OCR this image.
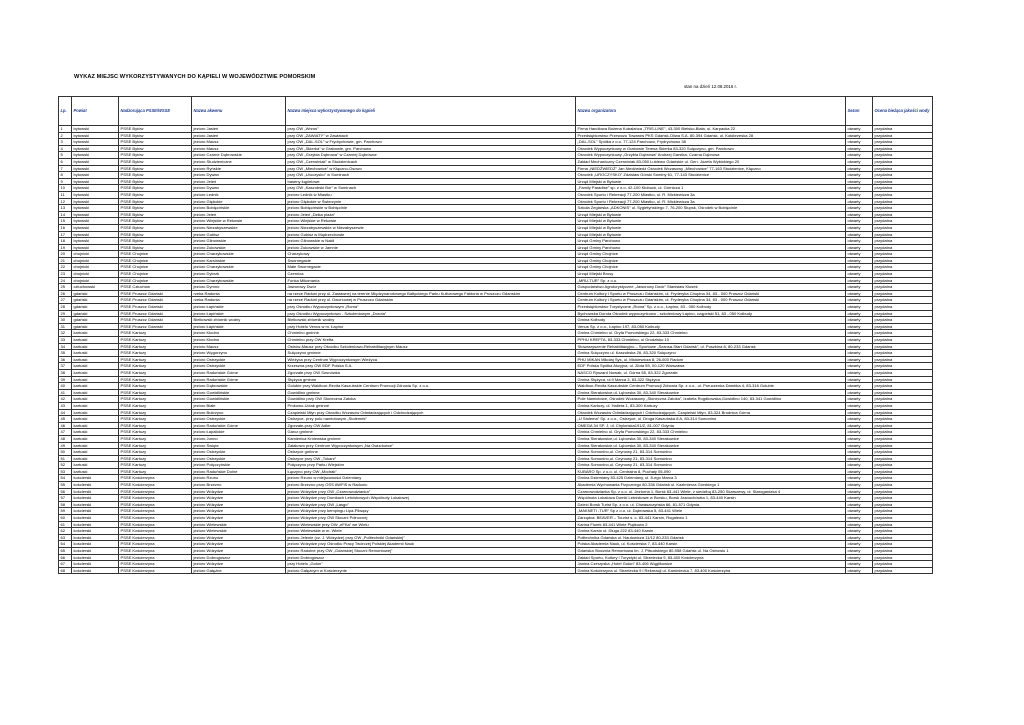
WYKAZ MIEJSC WYKORZYSTYWANYCH DO KĄPIELI W WOJEWÓDZTWIE POMORSKIM
stan na dzień 12.08.2016 r.
Lp.	Powiat	Nadzorująca PSSE/WSSE	Nazwa akwenu	Nazwa miejsca wykorzystywanego do kąpieli	Nazwa organizatora	Sezon	Ocena bieżąca jakości wody
1	bytowski	PSSE Bytów	jezioro Jasień	przy OW „Wrzos”	Firma Handlowa Bożena Kubalańca „TRIS-LINE”, 43-300 Bielsko-Biała, ul. Karpacka 22	otwarty	przydatna
2	bytowski	PSSE Bytów	jezioro Jasień	przy OW „ZAWIATY” w Zawiatach	Przedsiębiorstwo Przewozu Towarów PKS Gdańsk-Oliwa S.A. 80-394 Gdańsk, ul. Kołobrzeska 28	otwarty	przydatna
3	bytowski	PSSE Bytów	jezioro Mausz	przy OW „DAL-SOL” w Frydrychowie, gm. Parchowo	„DAL-SOL” Spółka z o.o. 77-124 Parchowo, Frydrychowo 38	otwarty	przydatna
4	bytowski	PSSE Bytów	jezioro Mausz	przy OW „Skierka” w Grabowie, gm. Parchowo	Ośrodek Wypoczynkowy w Grabowie Teresa Skierka 83-320 Sulęczyno, gm. Parchowo	otwarty	przydatna
5	bytowski	PSSE Bytów	jezioro Czarne Dąbrowskie	przy OW „Grzybia Dąbrowa” w Czarnej Dąbrówce	Ośrodek Wypoczynkowy „Grzybia Dąbrowa” Andrzej Garstka, Czarna Dąbrowa	otwarty	przydatna
6	bytowski	PSSE Bytów	jezioro Studzieniczne	przy OW „Czerwiniak” w Studzienicach	Zakład Mechaniczny Czerwiniak 83-050 Lublewo Gdańskie ul. Gen. Józefa Wybickiego 20	otwarty	przydatna
7	bytowski	PSSE Bytów	jezioro Ryńskie	przy OW „Miechowice” w Kłączno-Osowo	Firma „NIEDŹWIEDŹ” Jan Niedźwiedź Ośrodek Wczasowy „Miechowice” 77-163 Studzienice, Kłączno	otwarty	przydatna
8	bytowski	PSSE Bytów	jezioro Dywan	przy OW „Uroczysko” w Sominach	Ośrodek „UROCZYSKO” Zdzisław Górski Sominy 61, 77-143 Studzienice	otwarty	przydatna
9	bytowski	PSSE Bytów	jezioro Jeleń	baseny kąpielowe	Urząd Miejski w Bytowie	otwarty	przydatna
10	bytowski	PSSE Bytów	jezioro Dywan	przy OW „Kaszubski Bór” w Sominach	„Family Paradise” sp. z o.o. 42-100 Kłobuck, ul. Górnicza 1	otwarty	przydatna
11	bytowski	PSSE Bytów	jezioro Lednik	jezioro Lednik w Miastku	Ośrodek Sportu i Rekreacji 77-200 Miastko, ul. R. Mickiewicza 3a	otwarty	przydatna
12	bytowski	PSSE Bytów	jezioro Głębokie	jezioro Głębokie w Świerzynie	Ośrodek Sportu i Rekreacji 77-200 Miastko, ul. R. Mickiewicza 3a	otwarty	przydatna
13	bytowski	PSSE Bytów	jezioro Bobięcińskie	jezioro Bobięcińskie w Bobięcinie	Szkoła Żeglarska „ADKONIS” ul. Sygietyńskiego 7, 76-200 Słupsk, Ośrodek w Bobięcinie	otwarty	przydatna
14	bytowski	PSSE Bytów	jezioro Jeleń	jezioro Jeleń „Dzika plaża”	Urząd Miejski w Bytowie	otwarty	przydatna
15	bytowski	PSSE Bytów	jezioro Wiejskie w Rekowie	jezioro Wiejskie w Rekowie	Urząd Miejski w Bytowie	otwarty	przydatna
16	bytowski	PSSE Bytów	jezioro Niezabyszewskie	jezioro Niezabyszewskie w Niezabyszewie	Urząd Miejski w Bytowie	otwarty	przydatna
17	bytowski	PSSE Bytów	jezioro Gubisz	jezioro Gubisz w Mądrzechowie	Urząd Miejski w Bytowie	otwarty	przydatna
18	bytowski	PSSE Bytów	jezioro Glinowskie	jezioro Glinowskie w Nakli	Urząd Gminy Parchowo	otwarty	przydatna
19	bytowski	PSSE Bytów	jezioro Żukowskie	jezioro Żukowskie w Jamnie	Urząd Gminy Parchowo	otwarty	przydatna
20	chojnicki	PSSE Chojnice	jezioro Charzykowskie	Charzykowy	Urząd Gminy Chojnice	otwarty	przydatna
21	chojnicki	PSSE Chojnice	jezioro Karsińskie	Swornegacie	Urząd Gminy Chojnice	otwarty	przydatna
22	chojnicki	PSSE Chojnice	jezioro Charzykowskie	Małe Swornegacie	Urząd Gminy Chojnice	otwarty	przydatna
23	chojnicki	PSSE Chojnice	jezioro Dybrzk	Czernica	Urząd Miejski Brusy	otwarty	przydatna
24	chojnicki	PSSE Chojnice	jezioro Charzykowskie	Funka Mikomania	„MRU-TUR” Sp. z o.o.	otwarty	przydatna
25	człuchowski	PSSE Człuchów	jezioro Dymno	Jaworowy Dwór	Gospodarstwo Agroturystyczne „Jaworowy Dwór” Stanisław Klusek	otwarty	przydatna
26	gdański	PSSE Pruszcz Gdański	rzeka Radunia	na rzece Raduni przy ul. Zastawnej na terenie Międzynarodowego Bałtyckiego Parku Kulturowego Faktoria w Pruszczu Gdańskim	Centrum Kultury i Sportu w Pruszczu Gdańskim, ul. Fryderyka Chopina 34, 83 - 000 Pruszcz Gdański	otwarty	przydatna
27	gdański	PSSE Pruszcz Gdański	rzeka Radunia	na rzece Raduni przy ul. Dworcowej w Pruszczu Gdańskim	Centrum Kultury i Sportu w Pruszczu Gdańskim, ul. Fryderyka Chopina 34, 83 - 000 Pruszcz Gdański	otwarty	przydatna
28	gdański	PSSE Pruszcz Gdański	jezioro Łapińskie	przy Ośrodku Wypoczynkowym „Roma”	Przedsiębiorstwo Turystyczne „Roma” Sp. z o.o., Łapino, 83 - 050 Kolbudy	otwarty	przydatna
29	gdański	PSSE Pruszcz Gdański	jezioro Łapińskie	przy Ośrodku Wypoczynkowo - Szkoleniowym „Dorota”	Bychowska Dorota Ośrodek wypoczynkowo - szkoleniowy Łapino, cząpelski 51, 83 - 050 Kolbudy	otwarty	przydatna
30	gdański	PSSE Pruszcz Gdański	Bielkowski zbiornik wodny	Bielkowski zbiornik wodny	Gmina Kolbudy	otwarty	przydatna
31	gdański	PSSE Pruszcz Gdański	jezioro Łapińskie	przy Hotelu Venus w m. Łapino	Venus Sp. z o.o., Łapino 197, 83-050 Kolbudy	otwarty	przydatna
32	kartuski	PSSE Kartuzy	jezioro Kłodno	Chmielno gminne	Gmina Chmielno ul. Gryfa Pomorskiego 22, 83-333 Chmielno	otwarty	przydatna
33	kartuski	PSSE Kartuzy	jezioro Kłodno	Chmielno przy OW Krefta	PPHU KREFTA, 83-333 Chmielno, ul Grodzisko 10	otwarty	przydatna
34	kartuski	PSSE Kartuzy	jezioro Mausz	Ostrów-Mausz przy Ośrodku Szkoleniowo-Rehabilitacyjnym Mausz	Stowarzyszenie Rehabilitacyjno – Sportowe „Szansa-Start Gdańsk”, ul. Puszkina 8, 80-233 Gdańsk	otwarty	przydatna
35	kartuski	PSSE Kartuzy	jezioro Węgorzyno	Sulęczyno gminne	Gmina Sulęczyno ul. Kaszubska 26, 83-320 Sulęczyno	otwarty	przydatna
36	kartuski	PSSE Kartuzy	jezioro Ostrzyckie	Wieżyca przy Centrum Wypoczynkowym Wieżyca	PHU MIKAN Mikołaj Sys, ul. Mickiewicza 8, 26-600 Radom	otwarty	przydatna
37	kartuski	PSSE Kartuzy	jezioro Ostrzyckie	Krzeszna przy OW EDF Polska S.A.	EDF Polska Spółka Akcyjna, ul. Złota 59, 00-120 Warszawa	otwarty	przydatna
38	kartuski	PSSE Kartuzy	jezioro Raduńskie Górne	Zgorzałe przy OW Sosnówka	NASCO Ryszard Nowak, ul. Górna 55, 83-322 Zgorzałe	otwarty	przydatna
39	kartuski	PSSE Kartuzy	jezioro Raduńskie Górne	Stężyca gminne	Gmina Stężyca, ul.9 Marca 3, 83-322 Stężyca	otwarty	przydatna
40	kartuski	PSSE Kartuzy	jezioro Dąbrowskie	Golubie przy Waldtour-Revita Kaszubskie Centrum Promocji Zdrowia Sp. z o.o.	Waldtour-Revita Kaszubskie Centrum Promocji Zdrowia Sp. z o.o., ul. Poruczenka Dambka 4, 83-316 Golubie	otwarty	przydatna
41	kartuski	PSSE Kartuzy	jezioro Gowidlińskie	Gowidlino gminne	Gmina Sierakowice,ul. Lęborska 30, 83-340 Sierakowice	otwarty	przydatna
42	kartuski	PSSE Kartuzy	jezioro Gowidlińskie	Gowidlino przy OW Słoneczna Zatoka	Pole Namiotowe, Ośrodek Wczasowy „Słoneczna Zatoka”, Izabela Rogdkowska,Gowidlino 140, 83-341 Gowidlino	otwarty	przydatna
43	kartuski	PSSE Kartuzy	jezioro Białe	Prokowo-Uciak gminne	Gmina Kartuzy, ul. Hallera 1, 83-300 Kartuzy	otwarty	przydatna
44	kartuski	PSSE Kartuzy	jezioro Bukrzyno	Czapielski Młyn przy Ośrodku Wczasów Odmładzających i Odchudzających	Ośrodek Wczasów Odmładzających i Odchudzających, Czapielski Młyn, 83-324 Brodnica Górna	otwarty	przydatna
45	kartuski	PSSE Kartuzy	jezioro Ostrzyckie	Ostrzyce- przy polu namiotowym „Stolemek”	„U Stolema” Sp. z o.o., Ostrzyce, ul. Droga Kaszubska 8 A, 83-314 Somonino	otwarty	przydatna
46	kartuski	PSSE Kartuzy	jezioro Raduńskie Górne	Zgorzałe-przy OW Adler	OMEGA 34 SP. J, ul. Chylońska191/Z, 81-007 Gdynia	otwarty	przydatna
47	kartuski	PSSE Kartuzy	jezioro Łapalickie	Garcz gminne	Gmina Chmielno ul. Gryfa Pomorskiego 22, 83-333 Chmielno	otwarty	przydatna
48	kartuski	PSSE Kartuzy	jezioro Junno	Kamienica Królewska gminne	Gmina Sierakowice,ul. Lęborska 30, 83-340 Sierakowice	otwarty	przydatna
49	kartuski	PSSE Kartuzy	jezioro Święte	Załakowo przy Centrum Wypoczynkowym „Na Gwizdowce”	Gmina Sierakowice,ul. Lęborska 30, 83-340 Sierakowice	otwarty	przydatna
50	kartuski	PSSE Kartuzy	jezioro Ostrzyckie	Ostrzyce gminne	Gmina Somonino,ul. Ceynowy 21, 83-314 Somonino	otwarty	przydatna
51	kartuski	PSSE Kartuzy	jezioro Ostrzyckie	Ostrzyce przy OW „Tokarz”	Gmina Somonino,ul. Ceynowy 21, 83-314 Somonino	otwarty	przydatna
52	kartuski	PSSE Kartuzy	jezioro Połęczyńskie	Połęczyno przy Parku Wiejskim	Gmina Somonino,ul. Ceynowy 21, 83-314 Somonino	otwarty	przydatna
53	kartuski	PSSE Kartuzy	jezioro Raduńskie Dolne	Łączyno przy OW „Modrak”	KUBARO Sp. z o.o. ul. Centralna 8, Puchały 05-090	otwarty	przydatna
54	kościerski	PSSE Kościerzyna	jezioro Rzuno	jezioro Rzuno w miejscowości Dziemiany	Gmina Dziemiany 83-425 Dziemiany, ul. 8-ego Marca 3	otwarty	przydatna
55	kościerski	PSSE Kościerzyna	jezioro Brzezno	jezioro Brzezno przy OSS AWFiS w Raduniu	Akademia Wychowania Fizycznego 80-336 Gdańsk ul. Kazimierza Górskiego 1	otwarty	przydatna
56	kościerski	PSSE Kościerzyna	jezioro Wdzydze	jezioro Wdzydze przy OW „Czarnowodzianka”	Czarnowodzianka Sp. z o.o. ul. Jeziorna 1, Borsk 83-441 Wiele, z siedzibą 83-250 Skarszewy, ul. Starogardzka 4	otwarty	przydatna
57	kościerski	PSSE Kościerzyna	jezioro Wdzydze	jezioro Wdzydze przy Domkach Letniskowych Wspólnoty Lokalowej	Wspólnota Lokalowa Domki Letniskowe w Borsku, Borsk Jasnochówka 1, 83-440 Karsin	otwarty	przydatna
58	kościerski	PSSE Kościerzyna	jezioro Wdzydze	jezioro Wdzydze przy OW „Lasgo”	Dzieci Borsk Turist Sp. z o.o. ul. Chwaszczyńska 66, 81-571 Gdynia	otwarty	przydatna
59	kościerski	PSSE Kościerzyna	jezioro Wdzydze	jezioro Wdzydze przy kempingu Lipa-Pilwąsy	„MAKNETI -TUR” Sp z o.o. ul. Dąbrowska 5, 83-441 Wiele	otwarty	przydatna
60	kościerski	PSSE Kościerzyna	jezioro Wdzydze	jezioro Wdzydze przy OW Stoczni Północnej	Zarządca: BEAVER – Tourist s. c. 83-441 Karsin, Rogalewo 1	otwarty	przydatna
61	kościerski	PSSE Kościerzyna	jezioro Wielewskie	jezioro Wielewskie przy OW „eFKa” we Wielu	Karina Florek 83-441 Wiele Piątkowo 2	otwarty	przydatna
62	kościerski	PSSE Kościerzyna	jezioro Wielewskie	jezioro Wielewskie w m. Wiele	Gmina Karsin ul. Długa 222 83-440 Karsin	otwarty	przydatna
63	kościerski	PSSE Kościerzyna	jezioro Wdzydze	jezioro Jelenie (cz. J. Wdzydze) przy OW „Politechniki Gdańskiej”	Politechnika Gdańska ul. Nautowicza 11/12 80-233 Gdańsk	otwarty	przydatna
64	kościerski	PSSE Kościerzyna	jezioro Wdzydze	jezioro Wdzydze przy Ośrodku Pracy Twórczej Polskiej Akademii Nauk	Polska Akademia Nauk, ul. Kościerska 7, 83-440 Karsin	otwarty	przydatna
65	kościerski	PSSE Kościerzyna	jezioro Wdzydze	jezioro Radolne przy OW „Gdańskiej Stoczni Remontowej”	Gdańska Stocznia Remontowa im. J. Piłsudskiego 80-958 Gdańsk ul. Na Ostrowiu 1	otwarty	przydatna
66	kościerski	PSSE Kościerzyna	jezioro Dobrogoszcz	jezioro Dobrogoszcz	Zakład Sportu, Kultury i Turystyki ul. Strzelecka 9, 83-400 Kościerzyna	otwarty	przydatna
67	kościerski	PSSE Kościerzyna	jezioro Wdzydze	przy Hotelu „Gołun”	Janina Czerzpska „Hotel Gołun” 83-406 Wąglikowice	otwarty	przydatna
68	kościerski	PSSE Kościerzyna	jezioro Gałężne	jezioro Gałężnym w Kościerzynie	Gmina Kościerzyna ul. Strzelecka 9 i Rekreacji ul. Kaminiecka 7, 83-400 Kościerzyna	otwarty	przydatna
